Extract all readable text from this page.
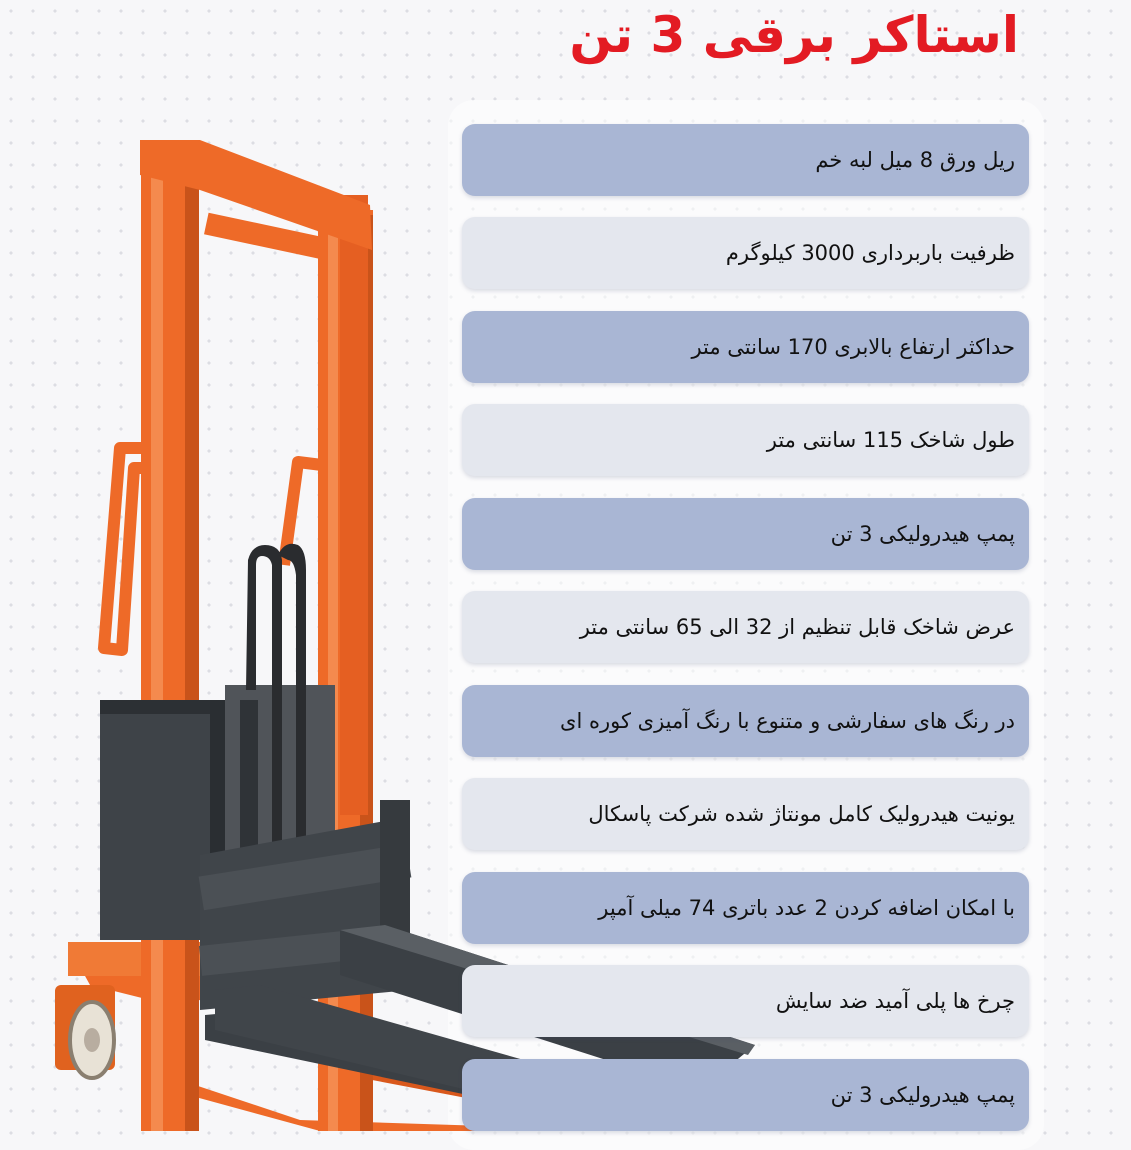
استاکر برقی 3 تن
ریل ورق 8 میل لبه خم
ظرفیت باربرداری 3000 کیلوگرم
حداکثر ارتفاع بالابری 170 سانتی متر
طول شاخک 115 سانتی متر
پمپ هیدرولیکی 3 تن
عرض شاخک قابل تنظیم از 32 الی 65 سانتی متر
در رنگ های سفارشی و متنوع با رنگ آمیزی کوره ای
یونیت هیدرولیک کامل مونتاژ شده شرکت پاسکال
با امکان اضافه کردن 2 عدد باتری 74 میلی آمپر
چرخ ها پلی آمید ضد سایش
پمپ هیدرولیکی 3 تن
